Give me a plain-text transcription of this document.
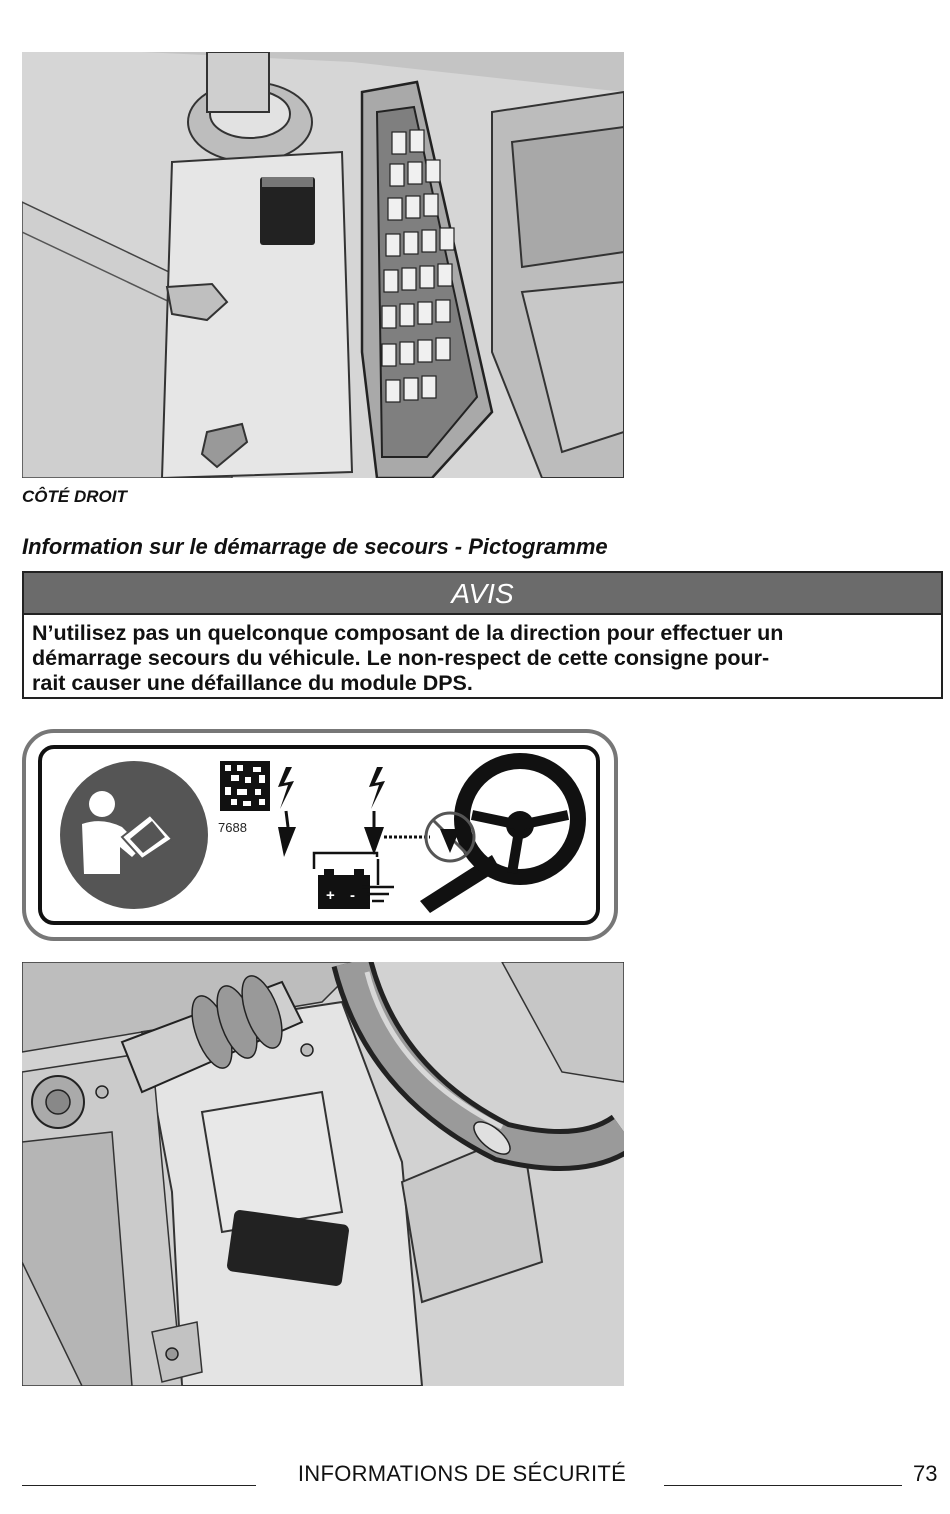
CÔTÉ DROIT
Information sur le démarrage de secours - Pictogramme
AVIS
N’utilisez pas un quelconque composant de la direction pour effectuer un
démarrage secours du véhicule. Le non-respect de cette consigne pour-
rait causer une défaillance du module DPS.
7688
+ -
INFORMATIONS DE SÉCURITÉ	73
